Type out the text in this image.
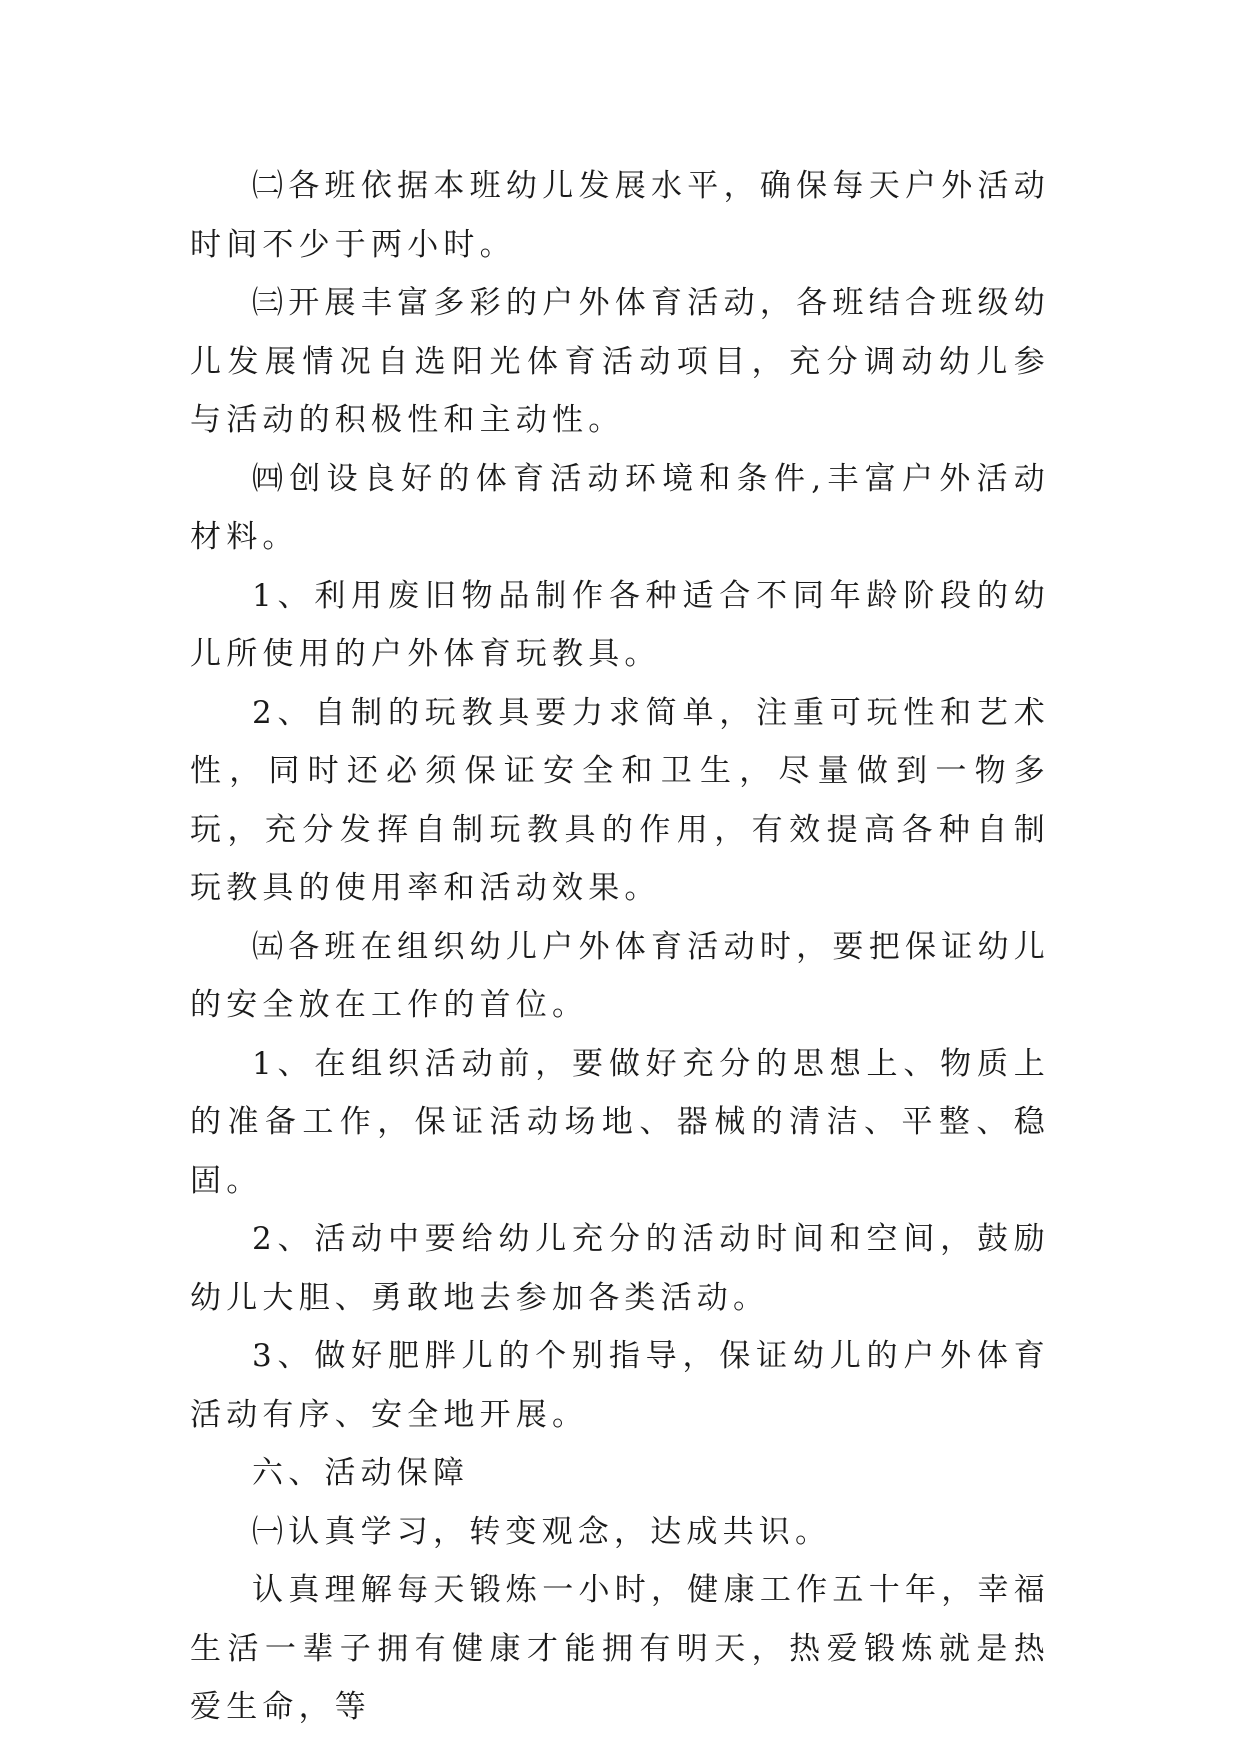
㈡各班依据本班幼儿发展水平，确保每天户外活动时间不少于两小时。

㈢开展丰富多彩的户外体育活动，各班结合班级幼儿发展情况自选阳光体育活动项目，充分调动幼儿参与活动的积极性和主动性。

㈣创设良好的体育活动环境和条件,丰富户外活动材料。

1、利用废旧物品制作各种适合不同年龄阶段的幼儿所使用的户外体育玩教具。

2、自制的玩教具要力求简单，注重可玩性和艺术性，同时还必须保证安全和卫生，尽量做到一物多玩，充分发挥自制玩教具的作用，有效提高各种自制玩教具的使用率和活动效果。

㈤各班在组织幼儿户外体育活动时，要把保证幼儿的安全放在工作的首位。

1、在组织活动前，要做好充分的思想上、物质上的准备工作，保证活动场地、器械的清洁、平整、稳固。

2、活动中要给幼儿充分的活动时间和空间，鼓励幼儿大胆、勇敢地去参加各类活动。

3、做好肥胖儿的个别指导，保证幼儿的户外体育活动有序、安全地开展。

六、活动保障

㈠认真学习，转变观念，达成共识。

认真理解每天锻炼一小时，健康工作五十年，幸福生活一辈子拥有健康才能拥有明天，热爱锻炼就是热爱生命，等
